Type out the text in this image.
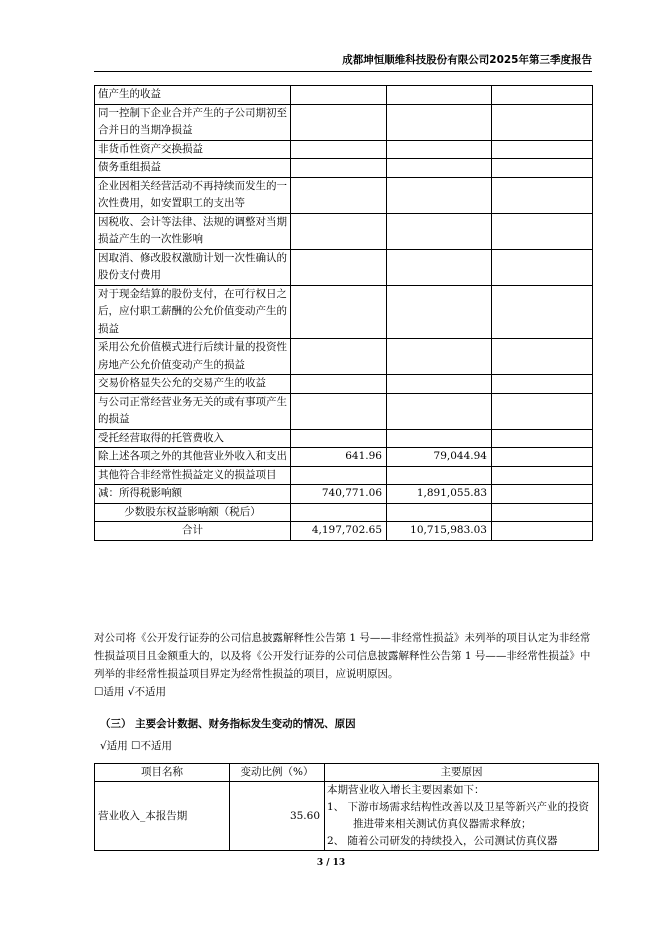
成都坤恒顺维科技股份有限公司2025年第三季度报告
值产生的收益			
同一控制下企业合并产生的子公司期初至合并日的当期净损益			
非货币性资产交换损益			
债务重组损益			
企业因相关经营活动不再持续而发生的一次性费用，如安置职工的支出等			
因税收、会计等法律、法规的调整对当期损益产生的一次性影响			
因取消、修改股权激励计划一次性确认的股份支付费用			
对于现金结算的股份支付，在可行权日之后，应付职工薪酬的公允价值变动产生的损益			
采用公允价值模式进行后续计量的投资性房地产公允价值变动产生的损益			
交易价格显失公允的交易产生的收益			
与公司正常经营业务无关的或有事项产生的损益			
受托经营取得的托管费收入			
除上述各项之外的其他营业外收入和支出	641.96	79,044.94	
其他符合非经常性损益定义的损益项目			
减：所得税影响额	740,771.06	1,891,055.83	
少数股东权益影响额（税后）			
合计	4,197,702.65	10,715,983.03	
对公司将《公开发行证券的公司信息披露解释性公告第 1 号——非经常性损益》未列举的项目认定为非经常性损益项目且金额重大的，以及将《公开发行证券的公司信息披露解释性公告第 1 号——非经常性损益》中列举的非经常性损益项目界定为经常性损益的项目，应说明原因。
☐适用 √不适用
（三） 主要会计数据、财务指标发生变动的情况、原因
√适用 ☐不适用
项目名称	变动比例（%）	主要原因
营业收入_本报告期	35.60	本期营业收入增长主要因素如下：
1、 下游市场需求结构性改善以及卫星等新兴产业的投资推进带来相关测试仿真仪器需求释放；
2、 随着公司研发的持续投入，公司测试仿真仪器
3 / 13
